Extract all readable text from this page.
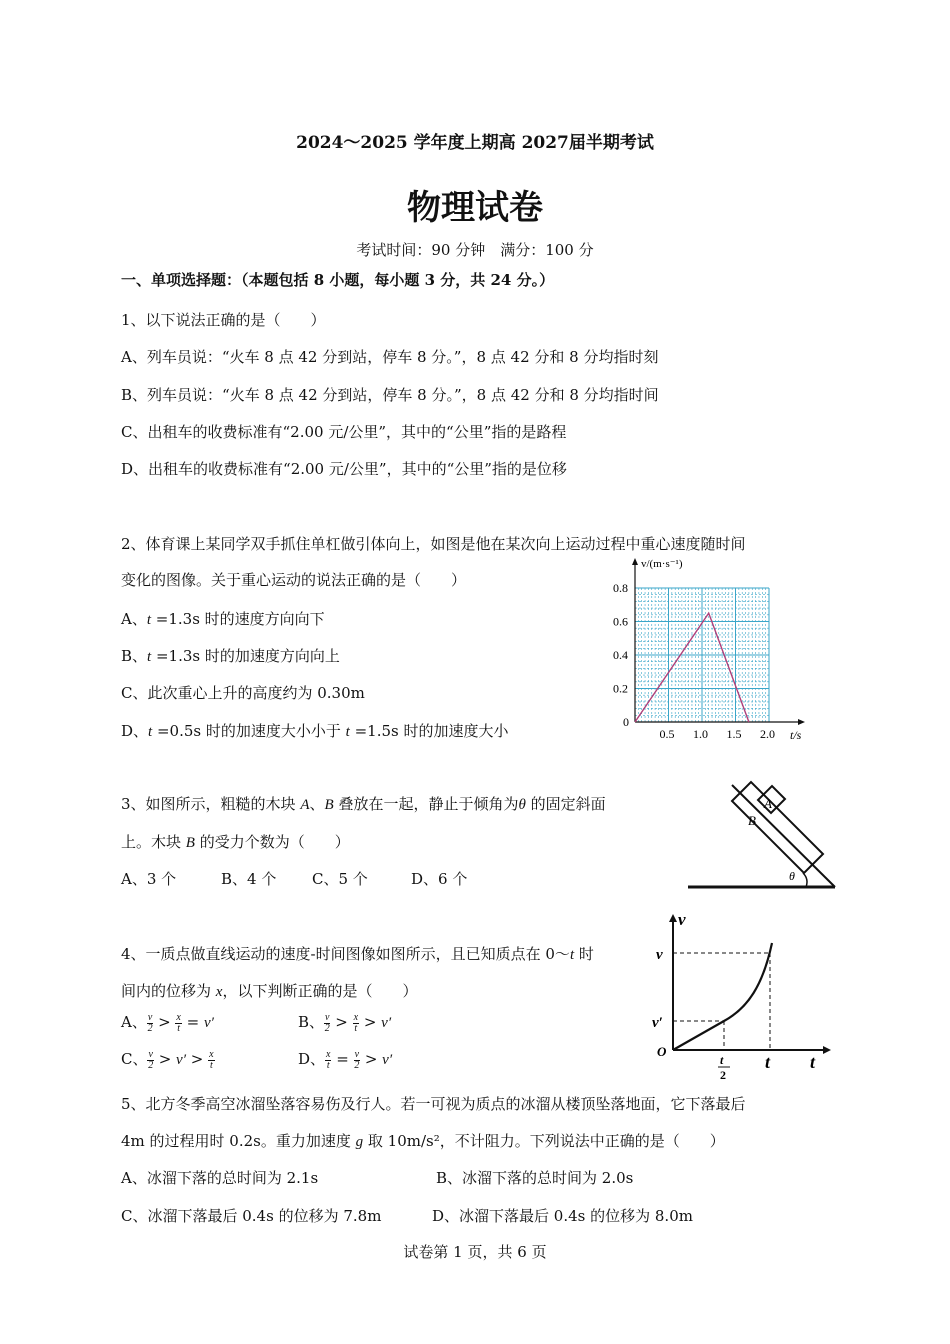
2024～2025 学年度上期高 2027届半期考试
物理试卷
考试时间：90 分钟　满分：100 分
一、单项选择题：（本题包括 8 小题，每小题 3 分，共 24 分。）
1、以下说法正确的是（　　）
A、列车员说：“火车 8 点 42 分到站，停车 8 分。”，8 点 42 分和 8 分均指时刻
B、列车员说：“火车 8 点 42 分到站，停车 8 分。”，8 点 42 分和 8 分均指时间
C、出租车的收费标准有“2.00 元/公里”，其中的“公里”指的是路程
D、出租车的收费标准有“2.00 元/公里”，其中的“公里”指的是位移
2、体育课上某同学双手抓住单杠做引体向上，如图是他在某次向上运动过程中重心速度随时间
变化的图像。关于重心运动的说法正确的是（　　）
A、t =1.3s 时的速度方向向下
B、t =1.3s 时的加速度方向向上
C、此次重心上升的高度约为 0.30m
D、t =0.5s 时的加速度大小小于 t =1.5s 时的加速度大小	0.5 1.0 1.5 2.0
0.2
0.4
0.6
0.8
0
v/(m·s⁻¹)
t/s
3、如图所示，粗糙的木块 A、B 叠放在一起，静止于倾角为θ 的固定斜面
上。木块 B 的受力个数为（　　）
A、3 个	B、4 个 C、5 个	D、6 个
A
B
θ
4、一质点做直线运动的速度-时间图像如图所示，且已知质点在 0～t 时
间内的位移为 x，以下判断正确的是（　　）
A、 $\frac{v}{2} > \frac{x}{t} = v'$	B、 $\frac{v}{2} > \frac{x}{t} > v'$
C、 $\frac{v}{2} > v' > \frac{x}{t}$	D、 $\frac{x}{t} = \frac{v}{2} > v'$
v
v
v′
O
t
2
t t
5、北方冬季高空冰溜坠落容易伤及行人。若一可视为质点的冰溜从楼顶坠落地面，它下落最后
4m 的过程用时 0.2s。重力加速度 g 取 10m/s²，不计阻力。下列说法中正确的是（　　）
A、冰溜下落的总时间为 2.1s	B、冰溜下落的总时间为 2.0s
C、冰溜下落最后 0.4s 的位移为 7.8m	D、冰溜下落最后 0.4s 的位移为 8.0m
试卷第 1 页，共 6 页
